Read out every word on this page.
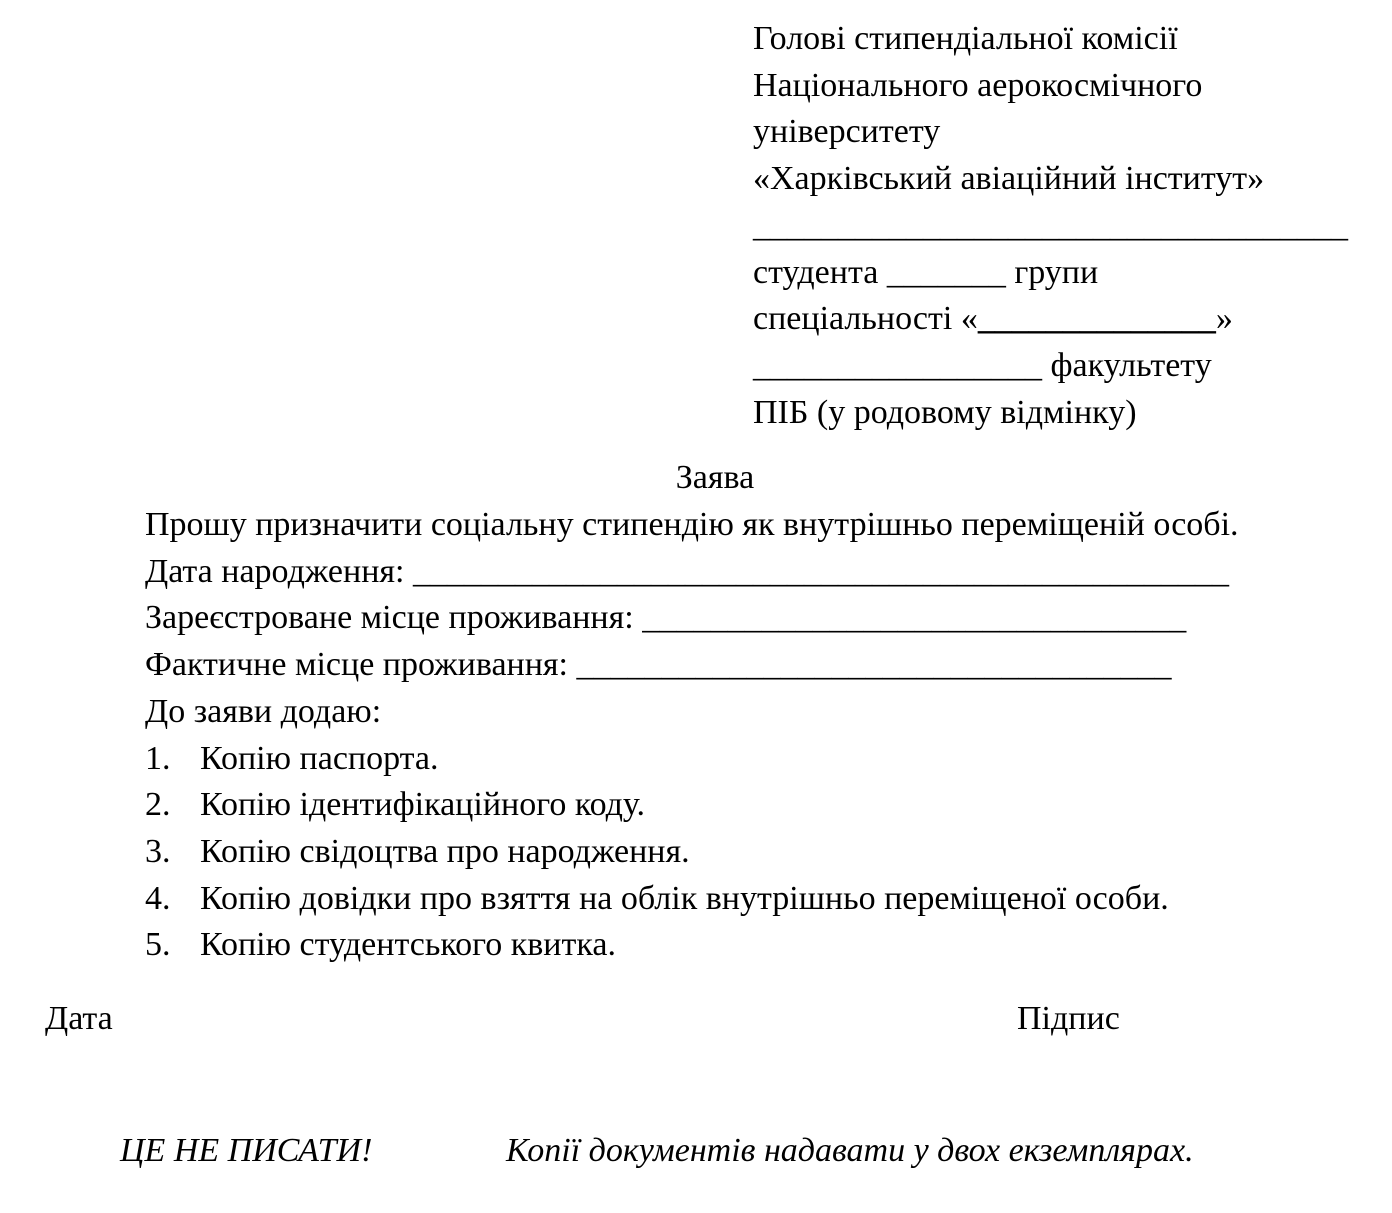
Голові стипендіальної комісії
Національного аерокосмічного
університету
«Харківський авіаційний інститут»
___________________________________
студента _______ групи
спеціальності «______________»
_________________ факультету
ПІБ (у родовому відмінку)
Заява
Прошу призначити соціальну стипендію як внутрішньо переміщеній особі.
Дата народження: ________________________________________________
Зареєстроване місце проживання: ________________________________
Фактичне місце проживання: ___________________________________
До заяви додаю:
1. Копію паспорта.
2. Копію ідентифікаційного коду.
3. Копію свідоцтва про народження.
4. Копію довідки про взяття на облік внутрішньо переміщеної особи.
5. Копію студентського квитка.
Дата	Підпис
ЦЕ НЕ ПИСАТИ!	Копії документів надавати у двох екземплярах.
